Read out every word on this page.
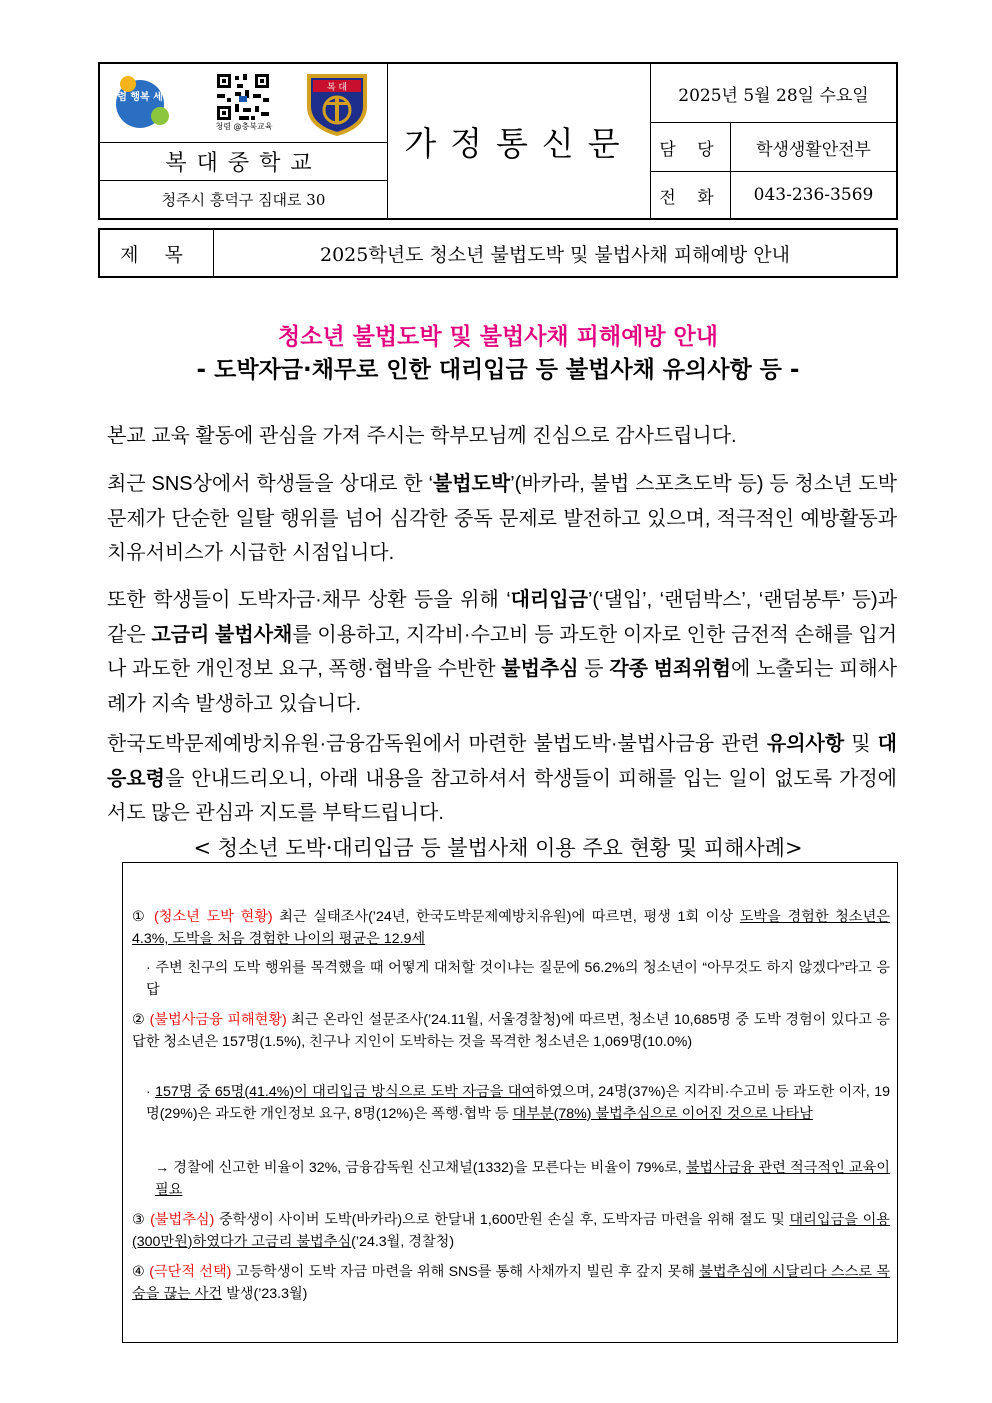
청렴 행복 세상
청렴 @충북교육
복 대
복대중학교
청주시 흥덕구 짐대로 30
가정통신문
2025년 5월 28일 수요일
담 당	학생생활안전부
전 화	043-236-3569
제 목	2025학년도 청소년 불법도박 및 불법사채 피해예방 안내
청소년 불법도박 및 불법사채 피해예방 안내
- 도박자금·채무로 인한 대리입금 등 불법사채 유의사항 등 -
본교 교육 활동에 관심을 가져 주시는 학부모님께 진심으로 감사드립니다.
최근 SNS상에서 학생들을 상대로 한 ‘불법도박’(바카라, 불법 스포츠도박 등) 등 청소년 도박 문제가 단순한 일탈 행위를 넘어 심각한 중독 문제로 발전하고 있으며, 적극적인 예방활동과 치유서비스가 시급한 시점입니다.
또한 학생들이 도박자금·채무 상환 등을 위해 ‘대리입금’(‘댈입’, ‘랜덤박스’, ‘랜덤봉투’ 등)과 같은 고금리 불법사채를 이용하고, 지각비·수고비 등 과도한 이자로 인한 금전적 손해를 입거나 과도한 개인정보 요구, 폭행·협박을 수반한 불법추심 등 각종 범죄위험에 노출되는 피해사례가 지속 발생하고 있습니다.
한국도박문제예방치유원·금융감독원에서 마련한 불법도박·불법사금융 관련 유의사항 및 대응요령을 안내드리오니, 아래 내용을 참고하셔서 학생들이 피해를 입는 일이 없도록 가정에서도 많은 관심과 지도를 부탁드립니다.
< 청소년 도박·대리입금 등 불법사채 이용 주요 현황 및 피해사례>
① (청소년 도박 현황) 최근 실태조사(’24년, 한국도박문제예방치유원)에 따르면, 평생 1회 이상 도박을 경험한 청소년은 4.3%, 도박을 처음 경험한 나이의 평균은 12.9세
· 주변 친구의 도박 행위를 목격했을 때 어떻게 대처할 것이냐는 질문에 56.2%의 청소년이 “아무것도 하지 않겠다”라고 응답
② (불법사금융 피해현황) 최근 온라인 설문조사(’24.11월, 서울경찰청)에 따르면, 청소년 10,685명 중 도박 경험이 있다고 응답한 청소년은 157명(1.5%), 친구나 지인이 도박하는 것을 목격한 청소년은 1,069명(10.0%)
· 157명 중 65명(41.4%)이 대리입금 방식으로 도박 자금을 대여하였으며, 24명(37%)은 지각비·수고비 등 과도한 이자, 19명(29%)은 과도한 개인정보 요구, 8명(12%)은 폭행·협박 등 대부분(78%) 불법추심으로 이어진 것으로 나타남
→ 경찰에 신고한 비율이 32%, 금융감독원 신고채널(1332)을 모른다는 비율이 79%로, 불법사금융 관련 적극적인 교육이 필요
③ (불법추심) 중학생이 사이버 도박(바카라)으로 한달내 1,600만원 손실 후, 도박자금 마련을 위해 절도 및 대리입금을 이용(300만원)하였다가 고금리 불법추심(’24.3월, 경찰청)
④ (극단적 선택) 고등학생이 도박 자금 마련을 위해 SNS를 통해 사채까지 빌린 후 갚지 못해 불법추심에 시달리다 스스로 목숨을 끊는 사건 발생(’23.3월)
